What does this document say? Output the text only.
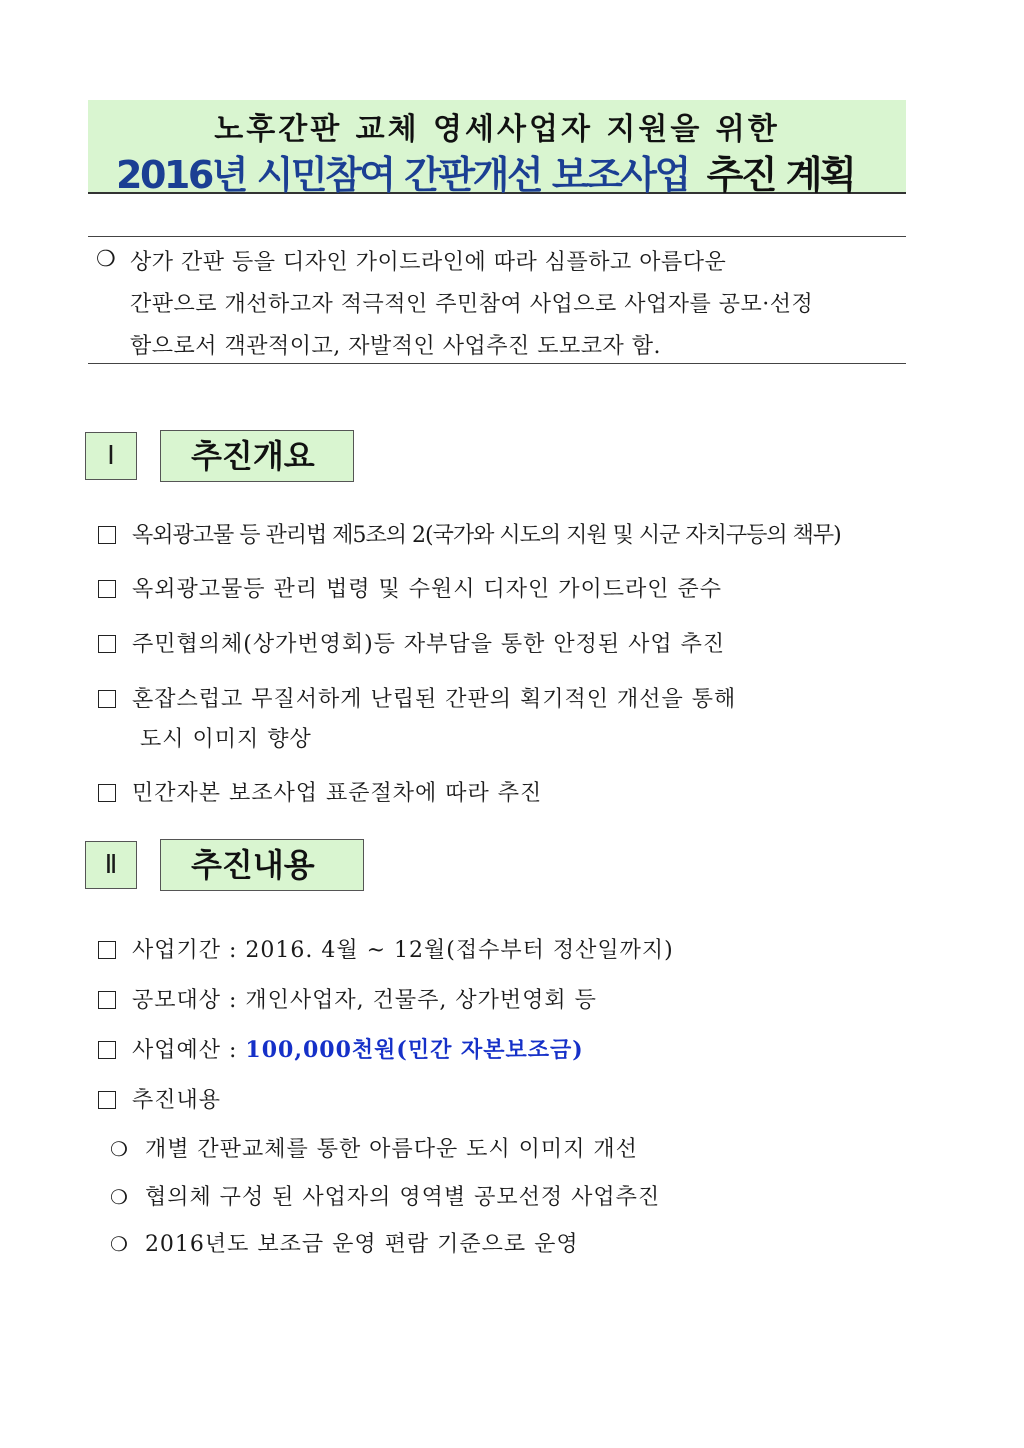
노후간판 교체 영세사업자 지원을 위한
2016년 시민참여 간판개선 보조사업 추진 계획
❍ 상가 간판 등을 디자인 가이드라인에 따라 심플하고 아름다운
간판으로 개선하고자 적극적인 주민참여 사업으로 사업자를 공모·선정
함으로서 객관적이고, 자발적인 사업추진 도모코자 함.
Ⅰ	추진개요
옥외광고물 등 관리법 제5조의 2(국가와 시도의 지원 및 시군 자치구등의 책무)
옥외광고물등 관리 법령 및 수원시 디자인 가이드라인 준수
주민협의체(상가번영회)등 자부담을 통한 안정된 사업 추진
혼잡스럽고 무질서하게 난립된 간판의 획기적인 개선을 통해
도시 이미지 향상
민간자본 보조사업 표준절차에 따라 추진
Ⅱ	추진내용
사업기간 : 2016. 4월 ~ 12월(접수부터 정산일까지)
공모대상 : 개인사업자, 건물주, 상가번영회 등
사업예산 : 100,000천원(민간 자본보조금)
추진내용
❍ 개별 간판교체를 통한 아름다운 도시 이미지 개선
❍ 협의체 구성 된 사업자의 영역별 공모선정 사업추진
❍ 2016년도 보조금 운영 편람 기준으로 운영
